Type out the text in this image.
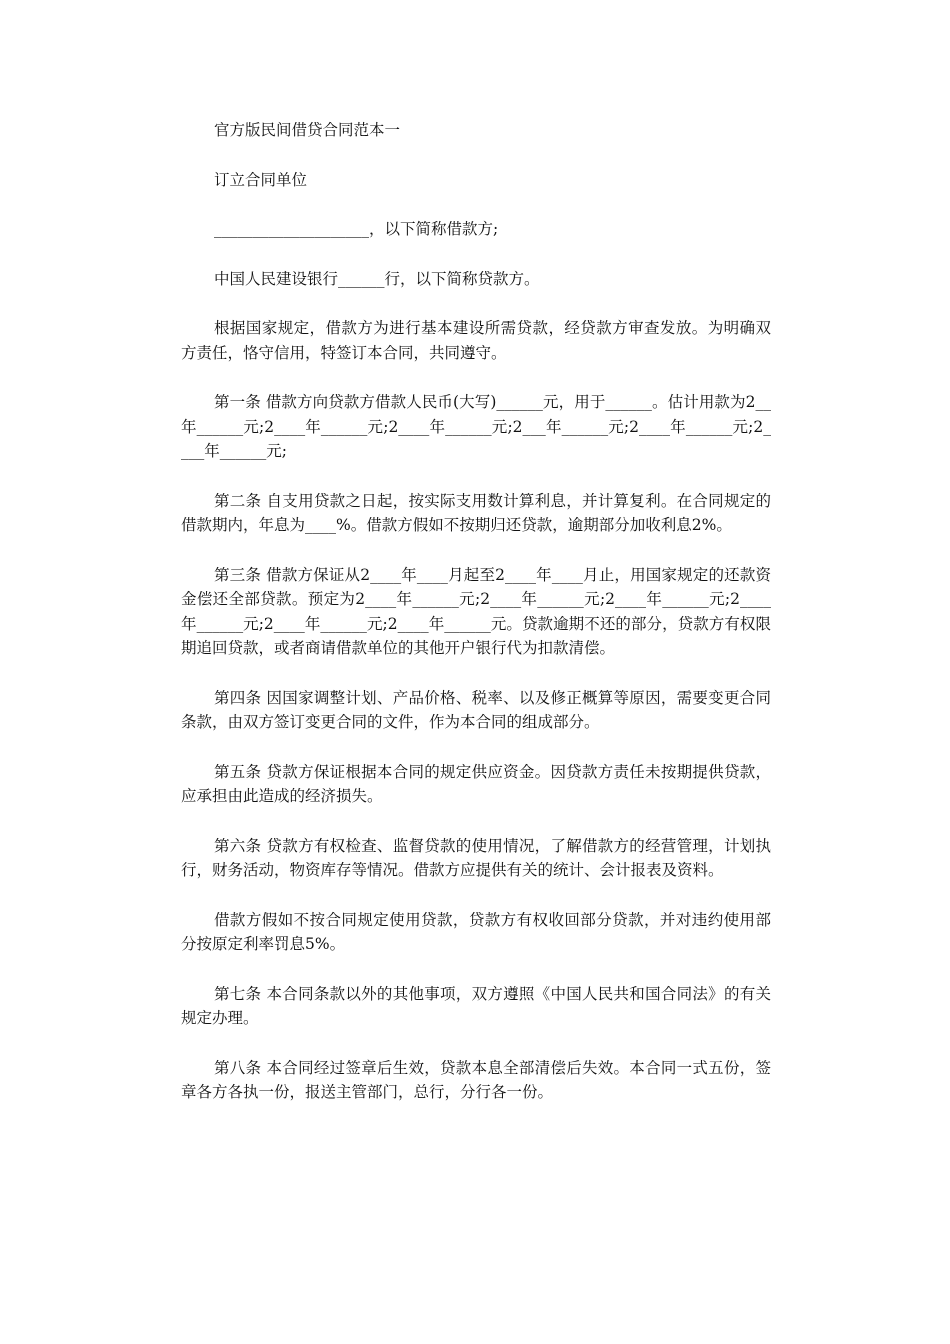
官方版民间借贷合同范本一

订立合同单位

____________________，以下简称借款方;

中国人民建设银行______行，以下简称贷款方。

根据国家规定，借款方为进行基本建设所需贷款，经贷款方审查发放。为明确双方责任，恪守信用，特签订本合同，共同遵守。

第一条 借款方向贷款方借款人民币(大写)______元，用于______。估计用款为2__年______元;2____年______元;2____年______元;2___年______元;2____年______元;2____年______元;

第二条 自支用贷款之日起，按实际支用数计算利息，并计算复利。在合同规定的借款期内，年息为____%。借款方假如不按期归还贷款，逾期部分加收利息2%。

第三条 借款方保证从2____年____月起至2____年____月止，用国家规定的还款资金偿还全部贷款。预定为2____年______元;2____年______元;2____年______元;2____年______元;2____年______元;2____年______元。贷款逾期不还的部分，贷款方有权限期追回贷款，或者商请借款单位的其他开户银行代为扣款清偿。

第四条 因国家调整计划、产品价格、税率、以及修正概算等原因，需要变更合同条款，由双方签订变更合同的文件，作为本合同的组成部分。

第五条 贷款方保证根据本合同的规定供应资金。因贷款方责任未按期提供贷款，应承担由此造成的经济损失。

第六条 贷款方有权检查、监督贷款的使用情况，了解借款方的经营管理，计划执行，财务活动，物资库存等情况。借款方应提供有关的统计、会计报表及资料。

借款方假如不按合同规定使用贷款，贷款方有权收回部分贷款，并对违约使用部分按原定利率罚息5%。

第七条 本合同条款以外的其他事项，双方遵照《中国人民共和国合同法》的有关规定办理。

第八条 本合同经过签章后生效，贷款本息全部清偿后失效。本合同一式五份，签章各方各执一份，报送主管部门，总行，分行各一份。
